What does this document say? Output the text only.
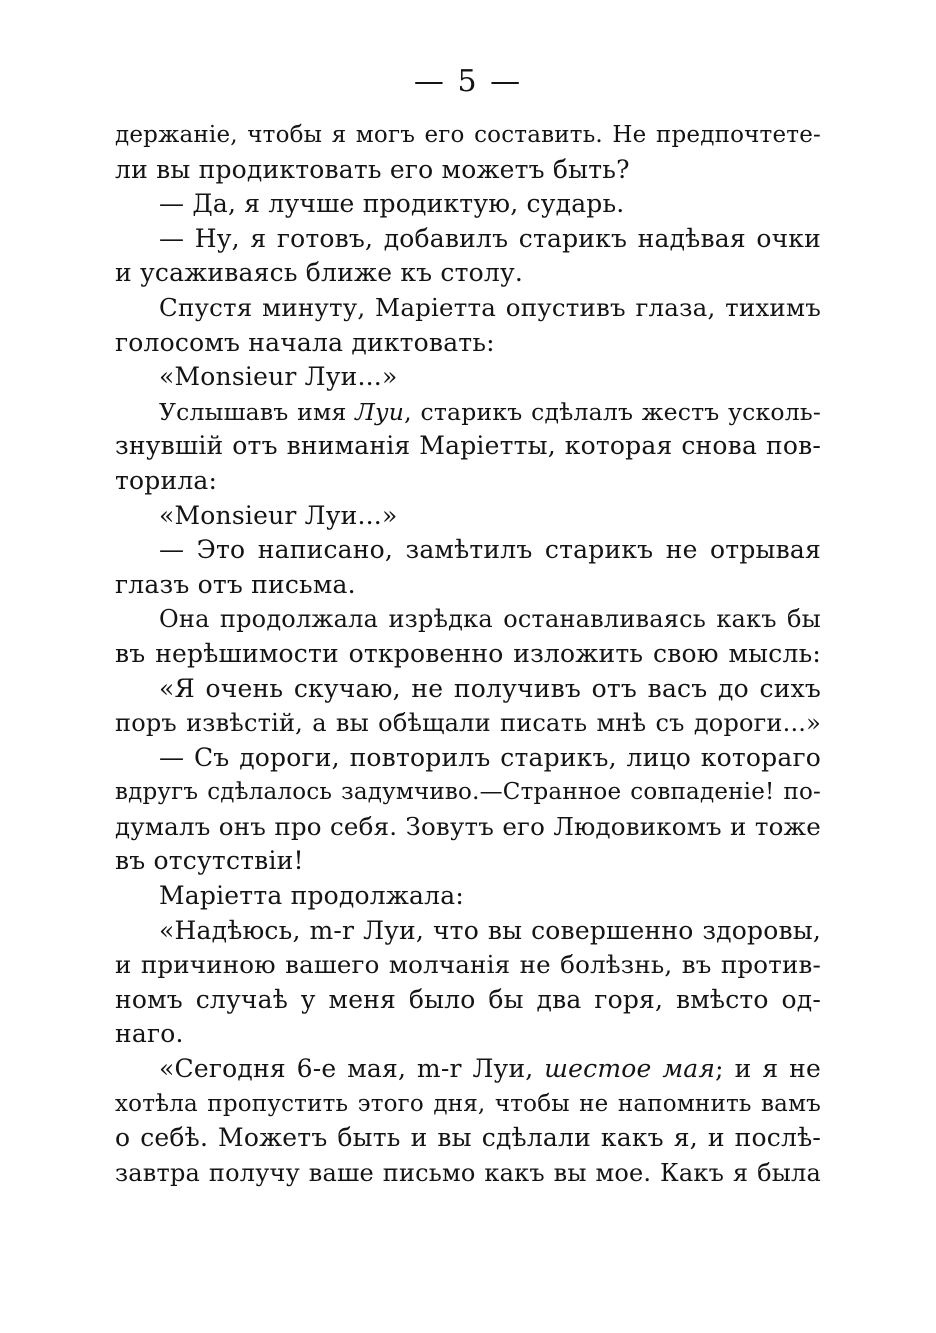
— 5 —
держаніе, чтобы я могъ его составить. Не предпочтете-
ли вы продиктовать его можетъ быть?
— Да, я лучше продиктую, сударь.
— Ну, я готовъ, добавилъ старикъ надѣвая очки
и усаживаясь ближе къ столу.
Спустя минуту, Маріетта опустивъ глаза, тихимъ
голосомъ начала диктовать:
«Monsieur Луи...»
Услышавъ имя Луи, старикъ сдѣлалъ жестъ усколь-
знувшій отъ вниманія Маріетты, которая снова пов-
торила:
«Monsieur Луи...»
— Это написано, замѣтилъ старикъ не отрывая
глазъ отъ письма.
Она продолжала изрѣдка останавливаясь какъ бы
въ нерѣшимости откровенно изложить свою мысль:
«Я очень скучаю, не получивъ отъ васъ до сихъ
поръ извѣстій, а вы обѣщали писать мнѣ съ дороги...»
— Съ дороги, повторилъ старикъ, лицо котораго
вдругъ сдѣлалось задумчиво.—Странное совпаденіе! по-
думалъ онъ про себя. Зовутъ его Людовикомъ и тоже
въ отсутствіи!
Маріетта продолжала:
«Надѣюсь, m-r Луи, что вы совершенно здоровы,
и причиною вашего молчанія не болѣзнь, въ против-
номъ случаѣ у меня было бы два горя, вмѣсто од-
наго.
«Сегодня 6-е мая, m-r Луи, шестое мая; и я не
хотѣла пропустить этого дня, чтобы не напомнить вамъ
о себѣ. Можетъ быть и вы сдѣлали какъ я, и послѣ-
завтра получу ваше письмо какъ вы мое. Какъ я была
